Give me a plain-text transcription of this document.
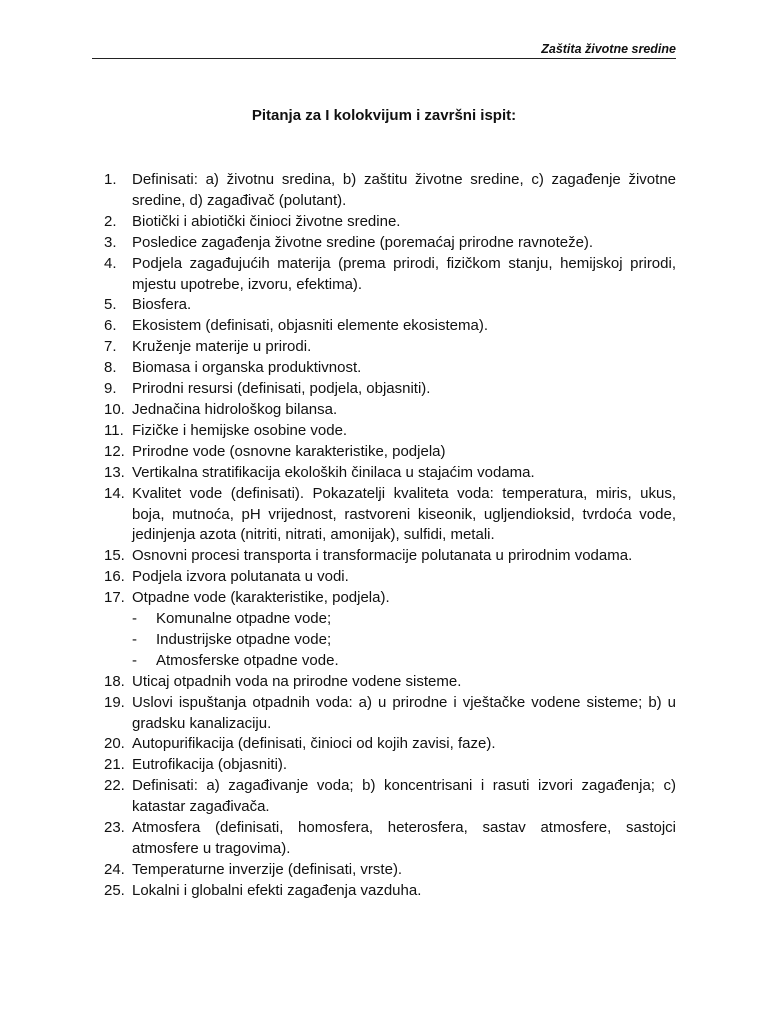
Zaštita životne sredine
Pitanja za I kolokvijum i završni ispit:
1.	Definisati: a) životnu sredina, b) zaštitu životne sredine, c) zagađenje životne sredine, d) zagađivač (polutant).
2.	Biotički i abiotički činioci životne sredine.
3.	Posledice zagađenja životne sredine (poremaćaj prirodne ravnoteže).
4.	Podjela zagađujućih materija (prema prirodi, fizičkom stanju, hemijskoj prirodi, mjestu upotrebe, izvoru, efektima).
5.	Biosfera.
6.	Ekosistem (definisati, objasniti elemente ekosistema).
7.	Kruženje materije u prirodi.
8.	Biomasa i organska produktivnost.
9.	Prirodni resursi (definisati, podjela, objasniti).
10. Jednačina hidrološkog bilansa.
11. Fizičke i hemijske osobine vode.
12. Prirodne vode (osnovne karakteristike, podjela)
13. Vertikalna stratifikacija ekoloških činilaca u stajaćim vodama.
14. Kvalitet vode (definisati). Pokazatelji kvaliteta voda: temperatura, miris, ukus, boja, mutnoća, pH vrijednost, rastvoreni kiseonik, ugljendioksid, tvrdoća vode, jedinjenja azota (nitriti, nitrati, amonijak), sulfidi, metali.
15. Osnovni procesi transporta i transformacije polutanata u prirodnim vodama.
16. Podjela izvora polutanata u vodi.
17. Otpadne vode (karakteristike, podjela).
-	Komunalne otpadne vode;
-	Industrijske otpadne vode;
-	Atmosferske otpadne vode.
18. Uticaj otpadnih voda na prirodne vodene sisteme.
19. Uslovi ispuštanja otpadnih voda: a) u prirodne i vještačke vodene sisteme; b) u gradsku kanalizaciju.
20. Autopurifikacija (definisati, činioci od kojih zavisi, faze).
21. Eutrofikacija (objasniti).
22. Definisati: a) zagađivanje voda; b) koncentrisani i rasuti izvori zagađenja; c) katastar zagađivača.
23. Atmosfera (definisati, homosfera, heterosfera, sastav atmosfere, sastojci atmosfere u tragovima).
24. Temperaturne inverzije (definisati, vrste).
25. Lokalni i globalni efekti zagađenja vazduha.
